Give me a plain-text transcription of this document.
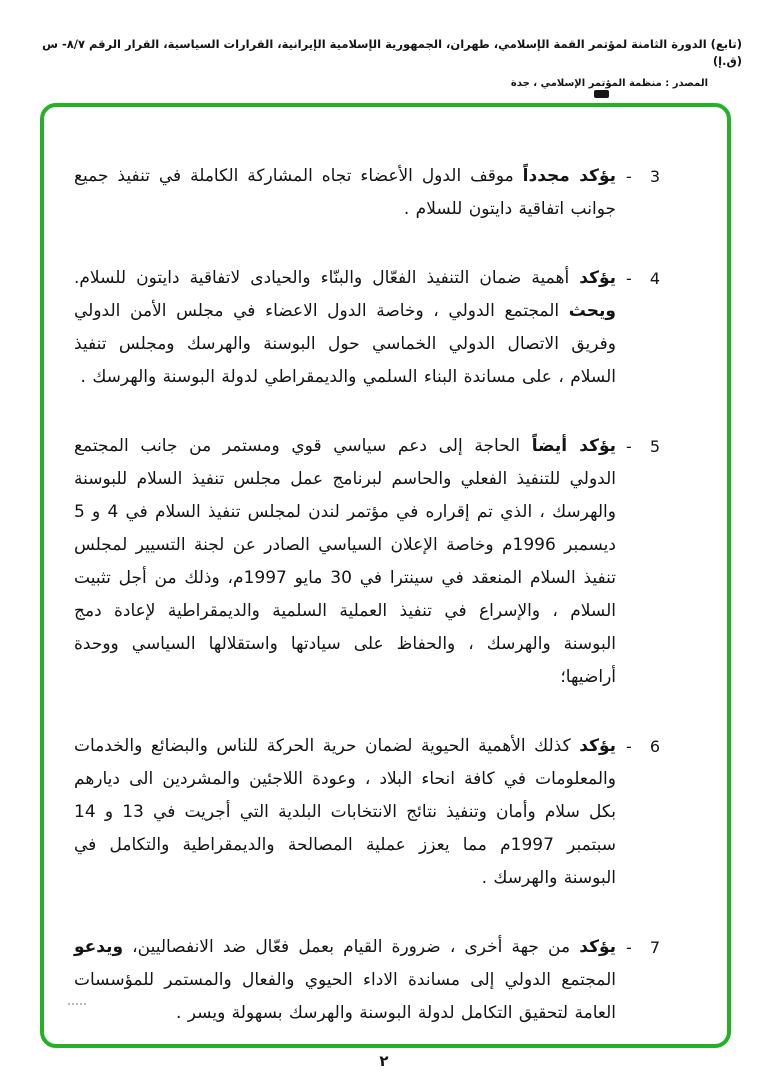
(تابع) الدورة الثامنة لمؤتمر القمة الإسلامي، طهران، الجمهورية الإسلامية الإيرانية، القرارات السياسية، القرار الرقم ٨/٧- س (ق.إ)
المصدر : منظمة المؤتمر الإسلامي ، جدة
3
-

يؤكد مجدداً موقف الدول الأعضاء تجاه المشاركة الكاملة في تنفيذ جميع جوانب اتفاقية دايتون للسلام .

4
-

يؤكد أهمية ضمان التنفيذ الفعّال والبنّاء والحيادى لاتفاقية دايتون للسلام. ويحث المجتمع الدولي ، وخاصة الدول الاعضاء في مجلس الأمن الدولي وفريق الاتصال الدولي الخماسي حول البوسنة والهرسك ومجلس تنفيذ السلام ، على مساندة البناء السلمي والديمقراطي لدولة البوسنة والهرسك .

5
-

يؤكد أيضاً الحاجة إلى دعم سياسي قوي ومستمر من جانب المجتمع الدولي للتنفيذ الفعلي والحاسم لبرنامج عمل مجلس تنفيذ السلام للبوسنة والهرسك ، الذي تم إقراره في مؤتمر لندن لمجلس تنفيذ السلام في 4 و 5 ديسمبر 1996م وخاصة الإعلان السياسي الصادر عن لجنة التسيير لمجلس تنفيذ السلام المنعقد في سينترا في 30 مايو 1997م، وذلك من أجل تثبيت السلام ، والإسراع في تنفيذ العملية السلمية والديمقراطية لإعادة دمج البوسنة والهرسك ، والحفاظ على سيادتها واستقلالها السياسي ووحدة أراضيها؛

6
-

يؤكد كذلك الأهمية الحيوية لضمان حرية الحركة للناس والبضائع والخدمات والمعلومات في كافة انحاء البلاد ، وعودة اللاجئين والمشردين الى ديارهم بكل سلام وأمان وتنفيذ نتائج الانتخابات البلدية التي أجريت في 13 و 14 سبتمبر 1997م مما يعزز عملية المصالحة والديمقراطية والتكامل في البوسنة والهرسك .

7
-

يؤكد من جهة أخرى ، ضرورة القيام بعمل فعّال ضد الانفصاليين، ويدعو المجتمع الدولي إلى مساندة الاداء الحيوي والفعال والمستمر للمؤسسات العامة لتحقيق التكامل لدولة البوسنة والهرسك بسهولة ويسر .

٢
